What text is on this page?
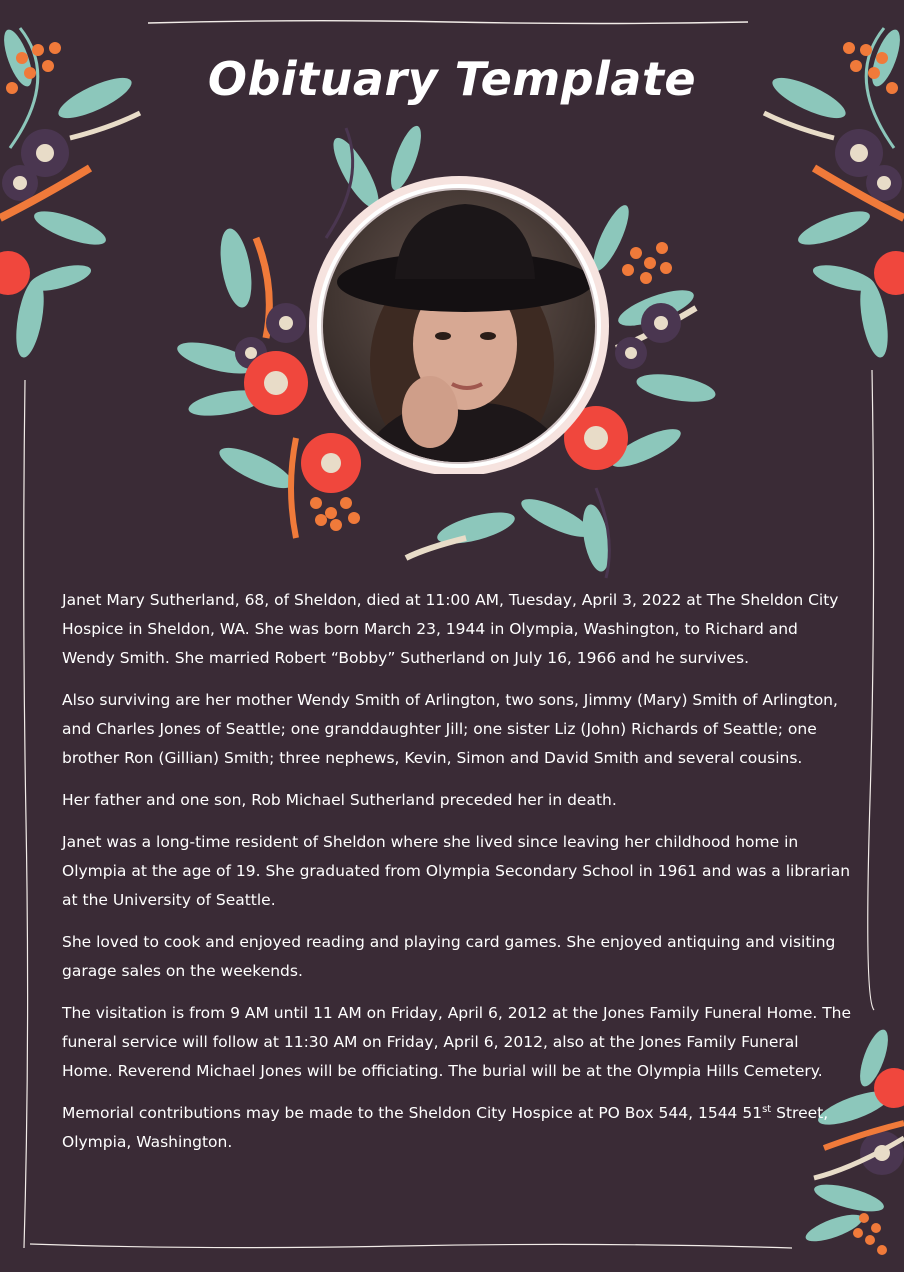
Obituary Template

Janet Mary Sutherland, 68, of Sheldon, died at 11:00 AM, Tuesday, April 3, 2022 at The Sheldon City Hospice in Sheldon, WA. She was born March 23, 1944 in Olympia, Washington, to Richard and Wendy Smith. She married Robert “Bobby” Sutherland on July 16, 1966 and he survives.

Also surviving are her mother Wendy Smith of Arlington, two sons, Jimmy (Mary) Smith of Arlington, and Charles Jones of Seattle; one granddaughter Jill; one sister Liz (John) Richards of Seattle; one brother Ron (Gillian) Smith; three nephews, Kevin, Simon and David Smith and several cousins.

Her father and one son, Rob Michael Sutherland preceded her in death.

Janet was a long-time resident of Sheldon where she lived since leaving her childhood home in Olympia at the age of 19. She graduated from Olympia Secondary School in 1961 and was a librarian at the University of Seattle.

She loved to cook and enjoyed reading and playing card games. She enjoyed antiquing and visiting garage sales on the weekends.

The visitation is from 9 AM until 11 AM on Friday, April 6, 2012 at the Jones Family Funeral Home. The funeral service will follow at 11:30 AM on Friday, April 6, 2012, also at the Jones Family Funeral Home. Reverend Michael Jones will be officiating. The burial will be at the Olympia Hills Cemetery.

Memorial contributions may be made to the Sheldon City Hospice at PO Box 544, 1544 51st Street, Olympia, Washington.
